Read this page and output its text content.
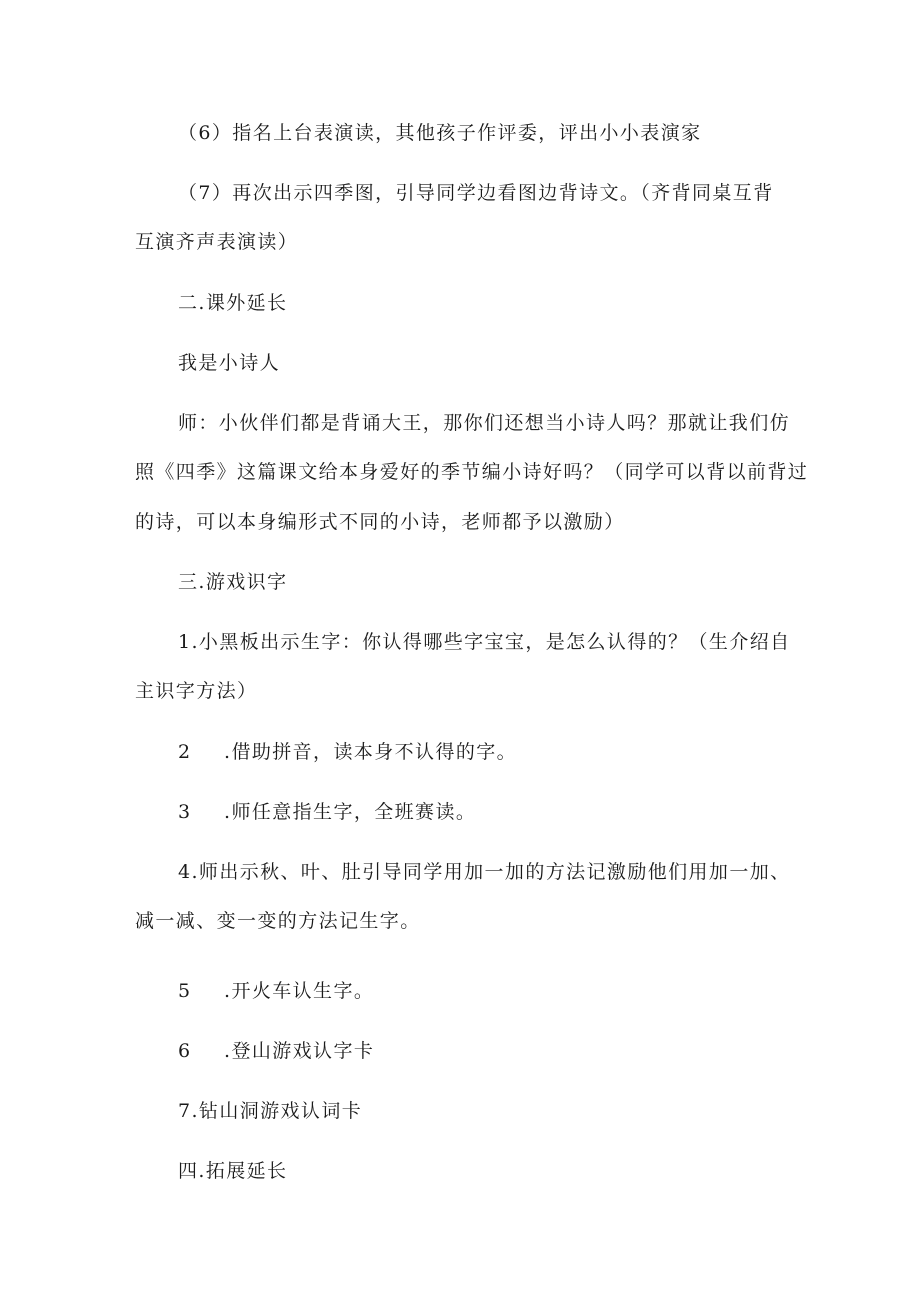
（6）指名上台表演读，其他孩子作评委，评出小小表演家
（7）再次出示四季图，引导同学边看图边背诗文。（齐背同桌互背
互演齐声表演读）
二.课外延长
我是小诗人
师：小伙伴们都是背诵大王，那你们还想当小诗人吗？那就让我们仿
照《四季》这篇课文给本身爱好的季节编小诗好吗？（同学可以背以前背过
的诗，可以本身编形式不同的小诗，老师都予以激励）
三.游戏识字
1.小黑板出示生字：你认得哪些字宝宝，是怎么认得的？（生介绍自
主识字方法）
2 .借助拼音，读本身不认得的字。
3 .师任意指生字，全班赛读。
4.师出示秋、叶、肚引导同学用加一加的方法记激励他们用加一加、
减一减、变一变的方法记生字。
5 .开火车认生字。
6 .登山游戏认字卡
7.钻山洞游戏认词卡
四.拓展延长
